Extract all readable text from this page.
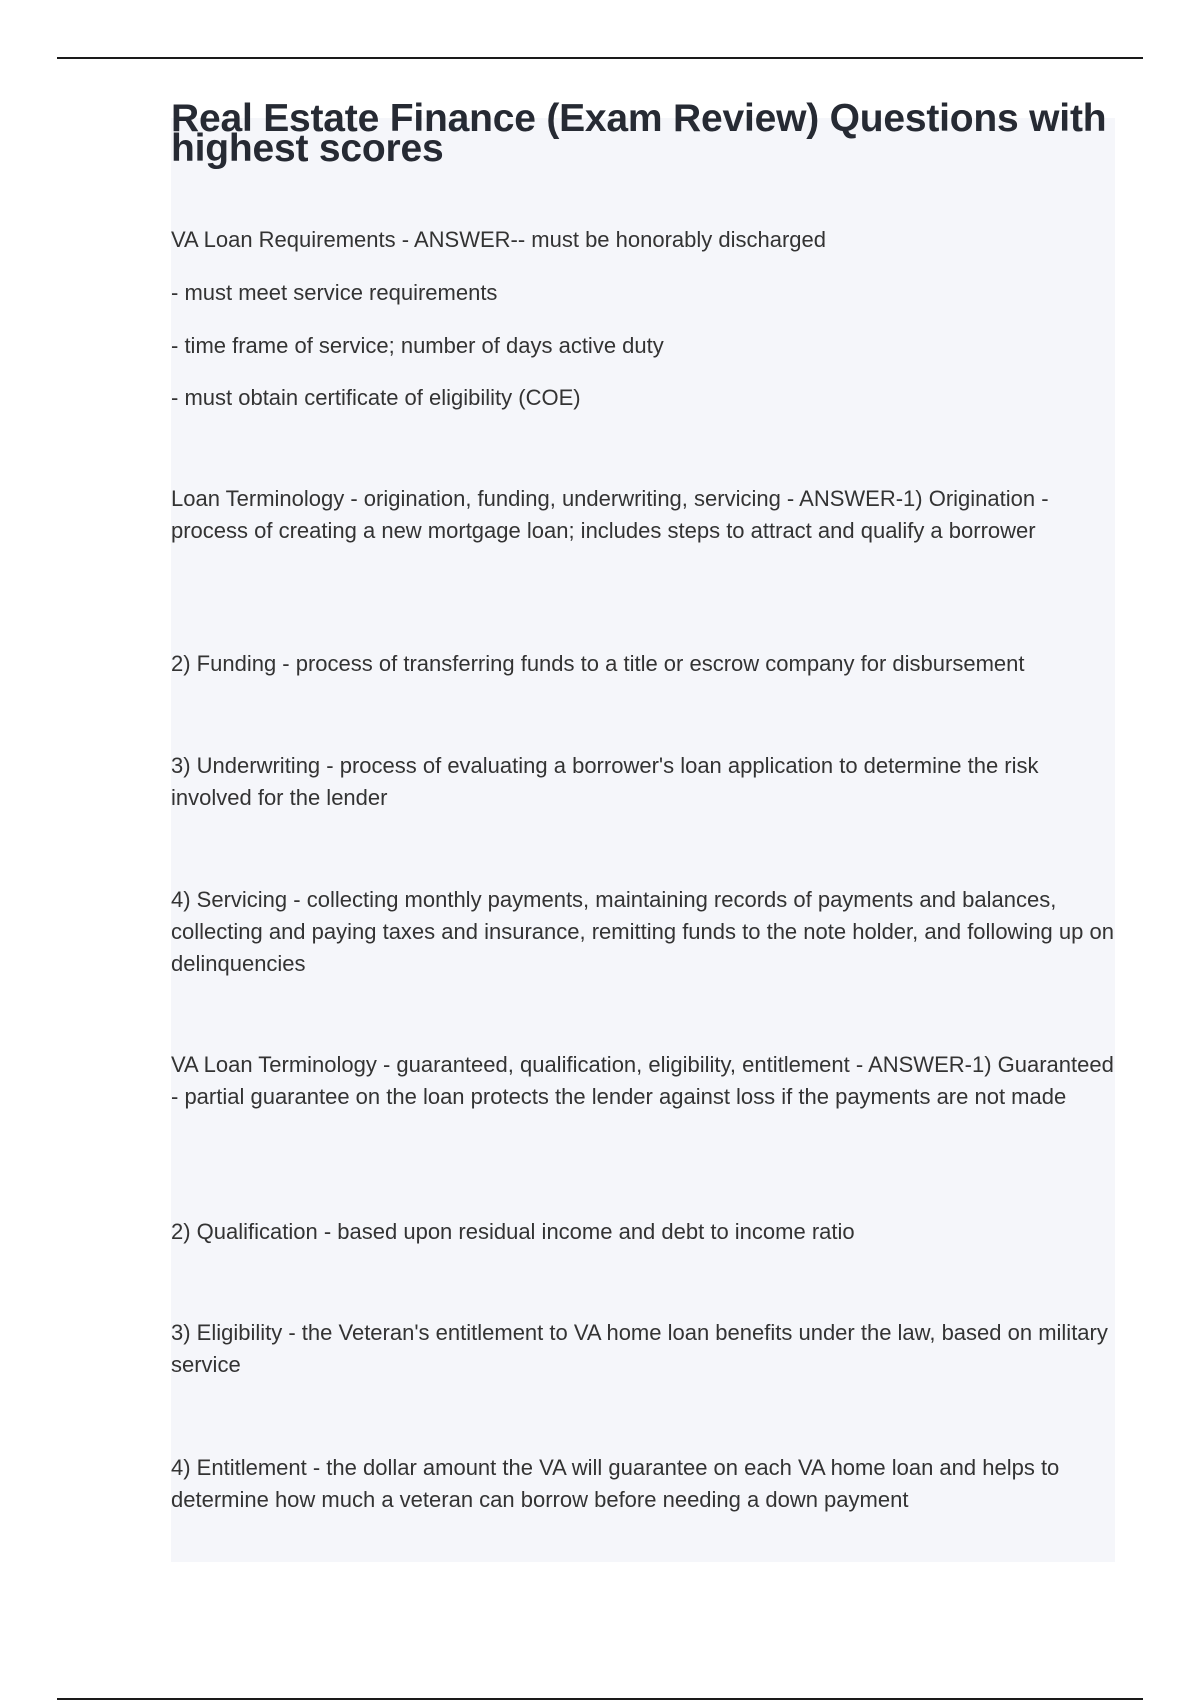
Real Estate Finance (Exam Review) Questions with highest scores

VA Loan Requirements - ANSWER-- must be honorably discharged

- must meet service requirements

- time frame of service; number of days active duty

- must obtain certificate of eligibility (COE)

Loan Terminology - origination, funding, underwriting, servicing - ANSWER-1) Origination - process of creating a new mortgage loan; includes steps to attract and qualify a borrower

2) Funding - process of transferring funds to a title or escrow company for disbursement

3) Underwriting - process of evaluating a borrower's loan application to determine the risk involved for the lender

4) Servicing - collecting monthly payments, maintaining records of payments and balances, collecting and paying taxes and insurance, remitting funds to the note holder, and following up on delinquencies

VA Loan Terminology - guaranteed, qualification, eligibility, entitlement - ANSWER-1) Guaranteed - partial guarantee on the loan protects the lender against loss if the payments are not made

2) Qualification - based upon residual income and debt to income ratio

3) Eligibility - the Veteran's entitlement to VA home loan benefits under the law, based on military service

4) Entitlement - the dollar amount the VA will guarantee on each VA home loan and helps to determine how much a veteran can borrow before needing a down payment
